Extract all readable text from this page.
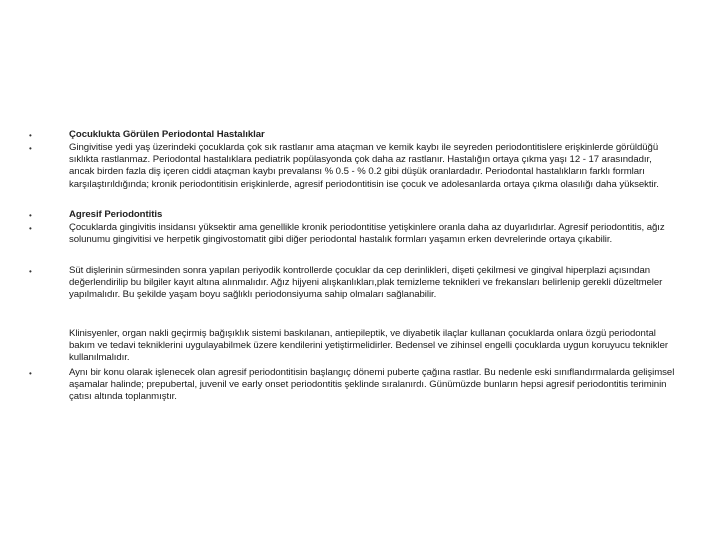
•	Çocuklukta Görülen Periodontal Hastalıklar
•	Gingivitise yedi yaş üzerindeki çocuklarda çok sık rastlanır ama ataçman ve kemik kaybı ile seyreden periodontitislere erişkinlerde görüldüğü sıklıkta rastlanmaz. Periodontal hastalıklara pediatrik popülasyonda çok daha az rastlanır. Hastalığın ortaya çıkma yaşı 12 - 17 arasındadır, ancak birden fazla diş içeren ciddi ataçman kaybı prevalansı % 0.5 - % 0.2 gibi düşük oranlardadır. Periodontal hastalıkların farklı formları karşılaştırıldığında; kronik periodontitisin erişkinlerde, agresif periodontitisin ise çocuk ve adolesanlarda ortaya çıkma olasılığı daha yüksektir.
•	Agresif Periodontitis
•	Çocuklarda gingivitis insidansı yüksektir ama genellikle kronik periodontitise yetişkinlere oranla daha az duyarlıdırlar. Agresif periodontitis, ağız solunumu gingivitisi ve herpetik gingivostomatit gibi diğer periodontal hastalık formları yaşamın erken devrelerinde ortaya çıkabilir.
•	Süt dişlerinin sürmesinden sonra yapılan periyodik kontrollerde çocuklar da cep derinlikleri, dişeti çekilmesi ve gingival hiperplazi açısından değerlendirilip bu bilgiler kayıt altına alınmalıdır. Ağız hijyeni alışkanlıkları,plak temizleme teknikleri ve frekansları belirlenip gerekli düzeltmeler yapılmalıdır. Bu şekilde yaşam boyu sağlıklı periodonsiyuma sahip olmaları sağlanabilir.
Klinisyenler, organ nakli geçirmiş bağışıklık sistemi baskılanan, antiepileptik, ve diyabetik ilaçlar kullanan çocuklarda onlara özgü periodontal bakım ve tedavi tekniklerini uygulayabilmek üzere kendilerini yetiştirmelidirler. Bedensel ve zihinsel engelli çocuklarda uygun koruyucu teknikler kullanılmalıdır.
•	Aynı bir konu olarak işlenecek olan agresif periodontitisin başlangıç dönemi puberte çağına rastlar. Bu nedenle eski sınıflandırmalarda gelişimsel aşamalar halinde; prepubertal, juvenil ve early onset periodontitis şeklinde sıralanırdı. Günümüzde bunların hepsi agresif periodontitis teriminin çatısı altında toplanmıştır.
